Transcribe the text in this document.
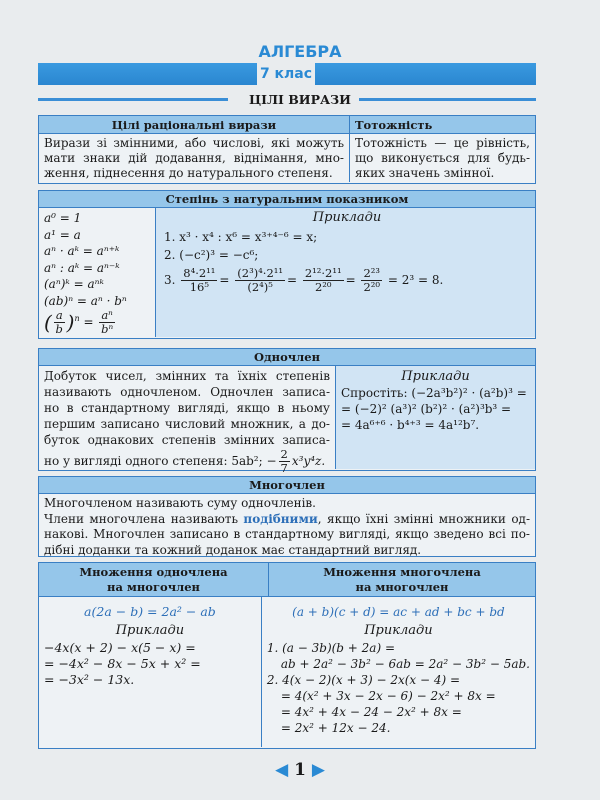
АЛГЕБРА
7 клас
ЦІЛІ ВИРАЗИ
Цілі раціональні вирази	Тотожність
Вирази зі змінними, або числові, які можуть
мати знаки дій додавання, віднімання, мно-
ження, піднесення до натурального степеня.
Тотожність — це рівність,
що виконується для будь-
яких значень змінної.
Степінь з натуральним показником
a⁰ = 1
a¹ = a
aⁿ · aᵏ = aⁿ⁺ᵏ
aⁿ : aᵏ = aⁿ⁻ᵏ
(aⁿ)ᵏ = aⁿᵏ
(ab)ⁿ = aⁿ · bⁿ
( $\frac{a}{b} )^n = \frac{\text{aⁿ}}{\text{bⁿ}}$
Приклади
1. x³ · x⁴ : x⁶ = x³⁺⁴⁻⁶ = x;
2. (−c²)³ = −c⁶;
3. $\frac{\text{8⁴·2¹¹}}{\text{16⁵}} = \frac{\text{(2³)⁴·2¹¹}}{\text{(2⁴)⁵}} = \frac{\text{2¹²·2¹¹}}{\text{2²⁰}} = \frac{\text{2²³}}{\text{2²⁰}} = 2^3 = 8$.
Одночлен
Добуток чисел, змінних та їхніх степенів
називають одночленом. Одночлен записа-
но в стандартному вигляді, якщо в ньому
першим записано числовий множник, а до-
буток однакових степенів змінних записа-
но у вигляді одного степеня: 5ab²; − $\frac{2}{7} x^3y^4z$.
Приклади
Спростіть: (−2a³b²)² · (a²b)³ =
= (−2)² (a³)² (b²)² · (a²)³b³ =
= 4a⁶⁺⁶ · b⁴⁺³ = 4a¹²b⁷.
Многочлен
Многочленом називають суму одночленів.
Члени многочлена називають подібними, якщо їхні змінні множники од-
накові. Многочлен записано в стандартному вигляді, якщо зведено всі по-
дібні доданки та кожний доданок має стандартний вигляд.
Множення одночлена
на многочлен
Множення многочлена
на многочлен
a(2a − b) = 2a² − ab
Приклади
−4x(x + 2) − x(5 − x) =
= −4x² − 8x − 5x + x² =
= −3x² − 13x.
(a + b)(c + d) = ac + ad + bc + bd
Приклади
1. (a − 3b)(b + 2a) =
ab + 2a² − 3b² − 6ab = 2a² − 3b² − 5ab.
2. 4(x − 2)(x + 3) − 2x(x − 4) =
= 4(x² + 3x − 2x − 6) − 2x² + 8x =
= 4x² + 4x − 24 − 2x² + 8x =
= 2x² + 12x − 24.
◀ 1 ▶
